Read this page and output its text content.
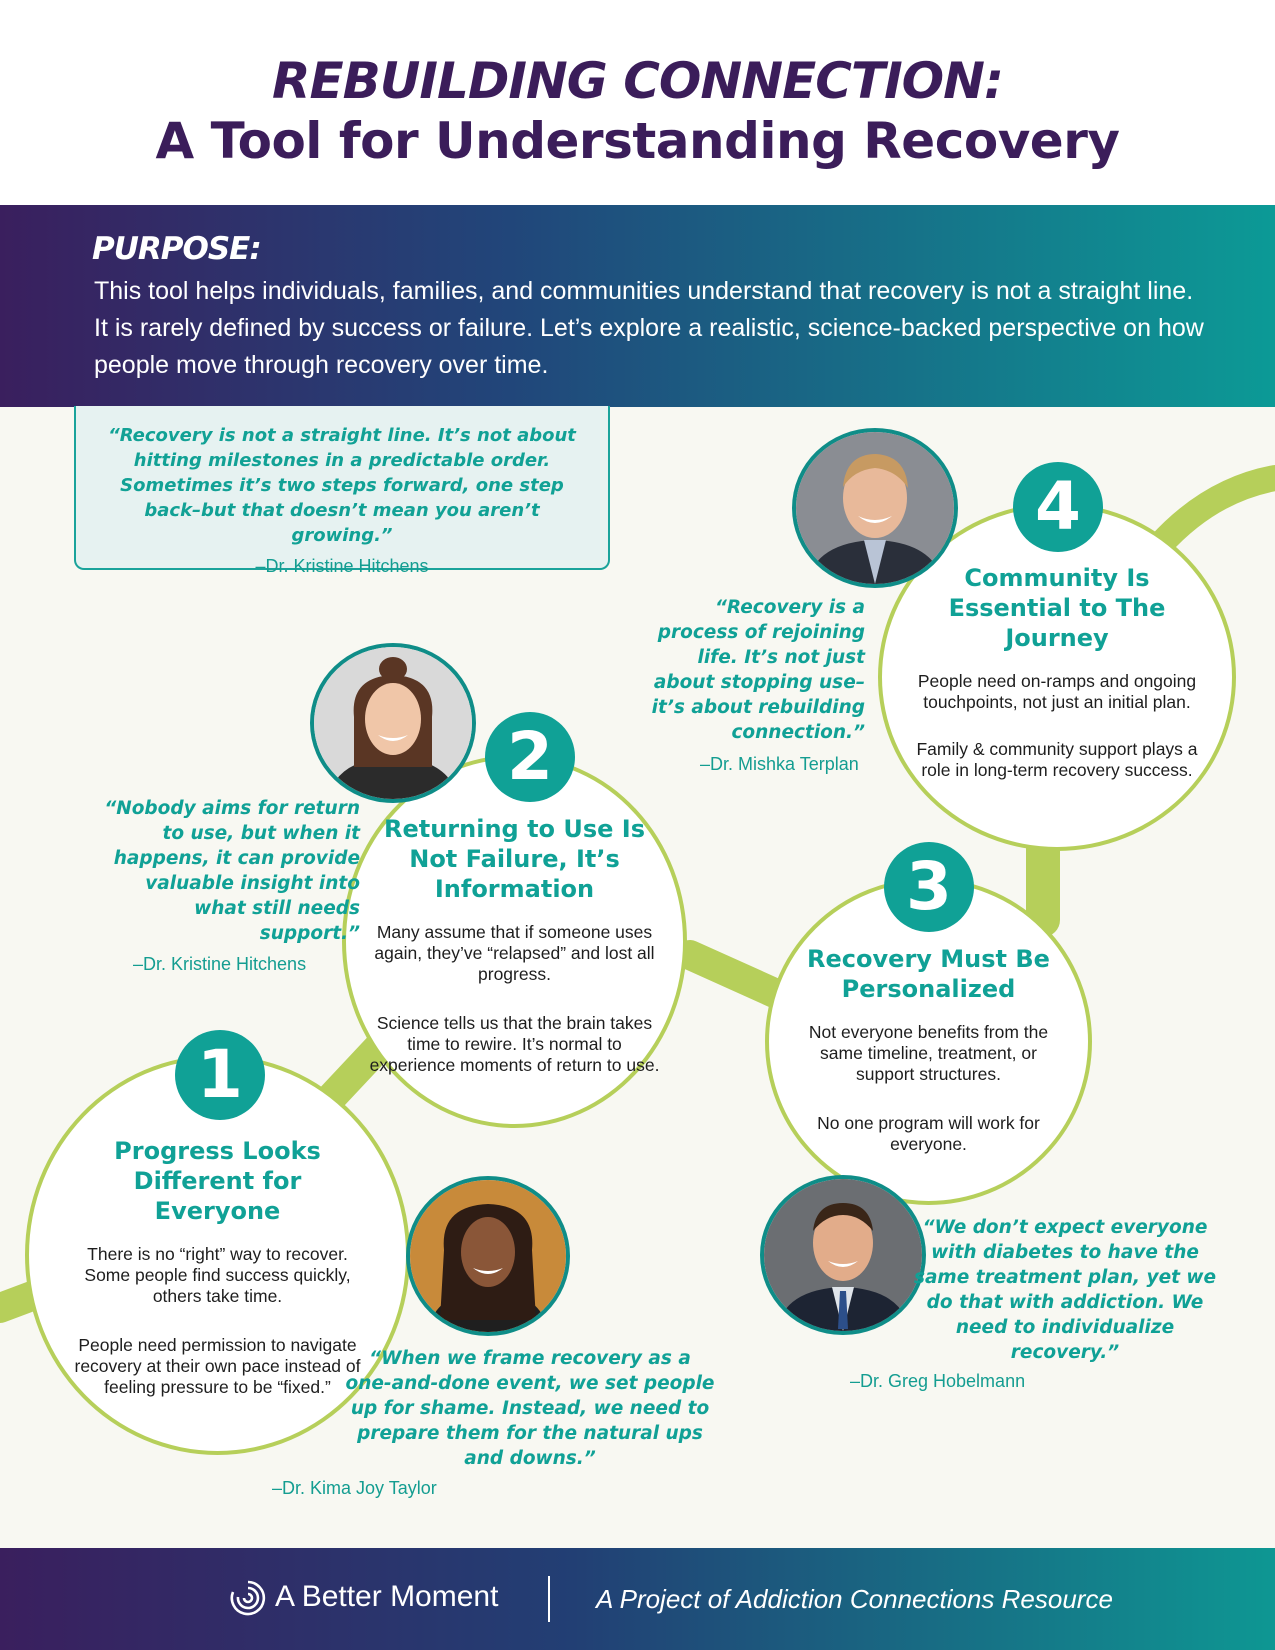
REBUILDING CONNECTION:
A Tool for Understanding Recovery
PURPOSE:
This tool helps individuals, families, and communities understand that recovery is not a straight line. It is rarely defined by success or failure. Let’s explore a realistic, science-backed perspective on how people move through recovery over time.
“Recovery is not a straight line. It’s not about hitting milestones in a predictable order. Sometimes it’s two steps forward, one step back–but that doesn’t mean you aren’t growing.”
–Dr. Kristine Hitchens
Progress Looks Different for Everyone

There is no “right” way to recover. Some people find success quickly, others take time.

People need permission to navigate recovery at their own pace instead of feeling pressure to be “fixed.”

1
Returning to Use Is Not Failure, It’s Information

Many assume that if someone uses again, they’ve “relapsed” and lost all progress.

Science tells us that the brain takes time to rewire. It’s normal to experience moments of return to use.

2
Recovery Must Be Personalized

Not everyone benefits from the same timeline, treatment, or support structures.

No one program will work for everyone.

3
Community Is Essential to The Journey

People need on-ramps and ongoing touchpoints, not just an initial plan.

Family & community support plays a role in long-term recovery success.

4
“Recovery is a process of rejoining life. It’s not just about stopping use– it’s about rebuilding connection.”
–Dr. Mishka Terplan
“Nobody aims for return to use, but when it happens, it can provide valuable insight into what still needs support.”
–Dr. Kristine Hitchens
“When we frame recovery as a one-and-done event, we set people up for shame. Instead, we need to prepare them for the natural ups and downs.”
–Dr. Kima Joy Taylor
“We don’t expect everyone with diabetes to have the same treatment plan, yet we do that with addiction. We need to individualize recovery.”
–Dr. Greg Hobelmann
A Better Moment	A Project of Addiction Connections Resource
